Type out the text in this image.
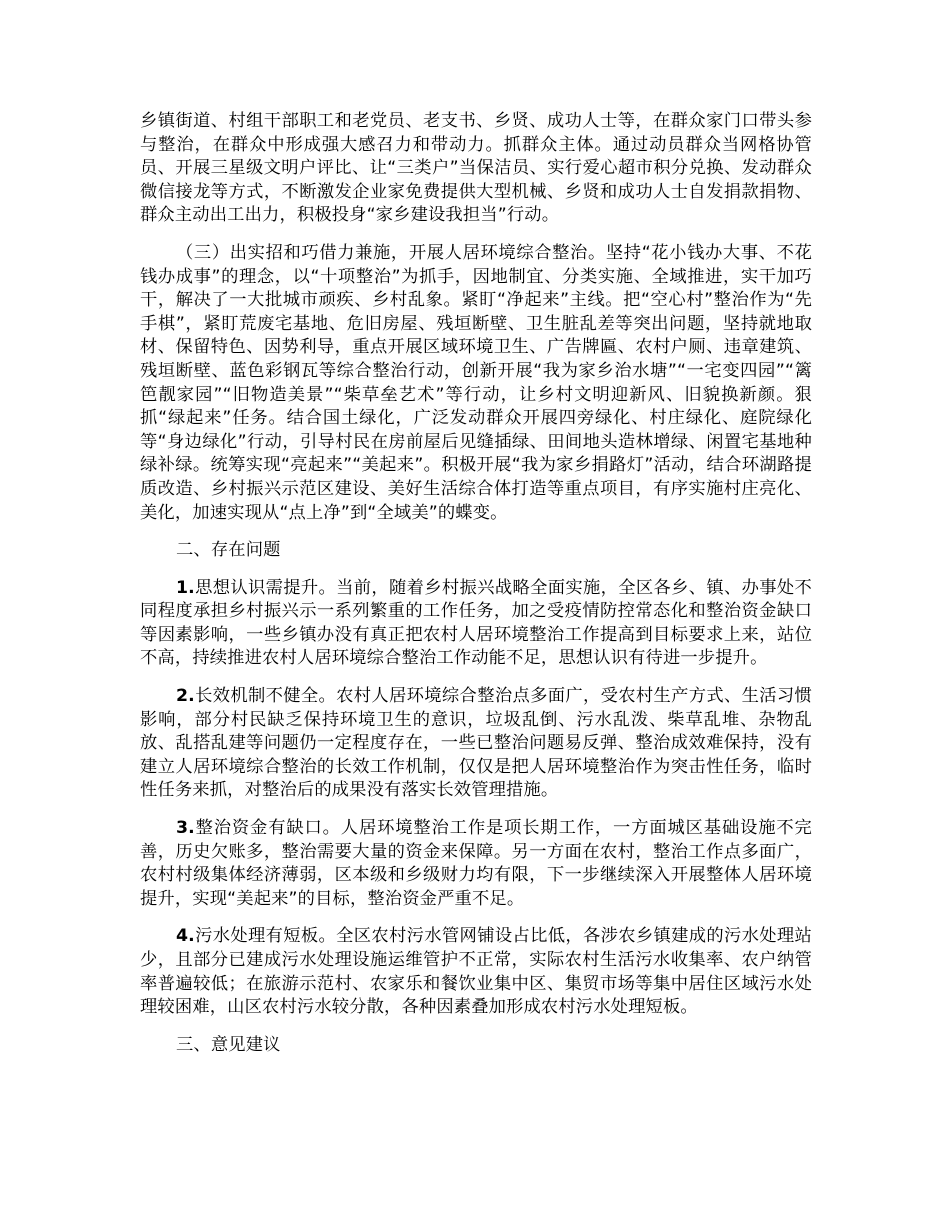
乡镇街道、村组干部职工和老党员、老支书、乡贤、成功人士等，在群众家门口带头参与整治，在群众中形成强大感召力和带动力。抓群众主体。通过动员群众当网格协管员、开展三星级文明户评比、让“三类户”当保洁员、实行爱心超市积分兑换、发动群众微信接龙等方式，不断激发企业家免费提供大型机械、乡贤和成功人士自发捐款捐物、群众主动出工出力，积极投身“家乡建设我担当”行动。

（三）出实招和巧借力兼施，开展人居环境综合整治。坚持“花小钱办大事、不花钱办成事”的理念，以“十项整治”为抓手，因地制宜、分类实施、全域推进，实干加巧干，解决了一大批城市顽疾、乡村乱象。紧盯“净起来”主线。把“空心村”整治作为“先手棋”，紧盯荒废宅基地、危旧房屋、残垣断壁、卫生脏乱差等突出问题，坚持就地取材、保留特色、因势利导，重点开展区域环境卫生、广告牌匾、农村户厕、违章建筑、残垣断壁、蓝色彩钢瓦等综合整治行动，创新开展“我为家乡治水塘”“一宅变四园”“篱笆靓家园”“旧物造美景”“柴草垒艺术”等行动，让乡村文明迎新风、旧貌换新颜。狠抓“绿起来”任务。结合国土绿化，广泛发动群众开展四旁绿化、村庄绿化、庭院绿化等“身边绿化”行动，引导村民在房前屋后见缝插绿、田间地头造林增绿、闲置宅基地种绿补绿。统筹实现“亮起来”“美起来”。积极开展“我为家乡捐路灯”活动，结合环湖路提质改造、乡村振兴示范区建设、美好生活综合体打造等重点项目，有序实施村庄亮化、美化，加速实现从“点上净”到“全域美”的蝶变。

二、存在问题

1.思想认识需提升。当前，随着乡村振兴战略全面实施，全区各乡、镇、办事处不同程度承担乡村振兴示一系列繁重的工作任务，加之受疫情防控常态化和整治资金缺口等因素影响，一些乡镇办没有真正把农村人居环境整治工作提高到目标要求上来，站位不高，持续推进农村人居环境综合整治工作动能不足，思想认识有待进一步提升。

2.长效机制不健全。农村人居环境综合整治点多面广，受农村生产方式、生活习惯影响，部分村民缺乏保持环境卫生的意识，垃圾乱倒、污水乱泼、柴草乱堆、杂物乱放、乱搭乱建等问题仍一定程度存在，一些已整治问题易反弹、整治成效难保持，没有建立人居环境综合整治的长效工作机制，仅仅是把人居环境整治作为突击性任务，临时性任务来抓，对整治后的成果没有落实长效管理措施。

3.整治资金有缺口。人居环境整治工作是项长期工作，一方面城区基础设施不完善，历史欠账多，整治需要大量的资金来保障。另一方面在农村，整治工作点多面广，农村村级集体经济薄弱，区本级和乡级财力均有限，下一步继续深入开展整体人居环境提升，实现“美起来”的目标，整治资金严重不足。

4.污水处理有短板。全区农村污水管网铺设占比低，各涉农乡镇建成的污水处理站少，且部分已建成污水处理设施运维管护不正常，实际农村生活污水收集率、农户纳管率普遍较低；在旅游示范村、农家乐和餐饮业集中区、集贸市场等集中居住区域污水处理较困难，山区农村污水较分散，各种因素叠加形成农村污水处理短板。

三、意见建议
